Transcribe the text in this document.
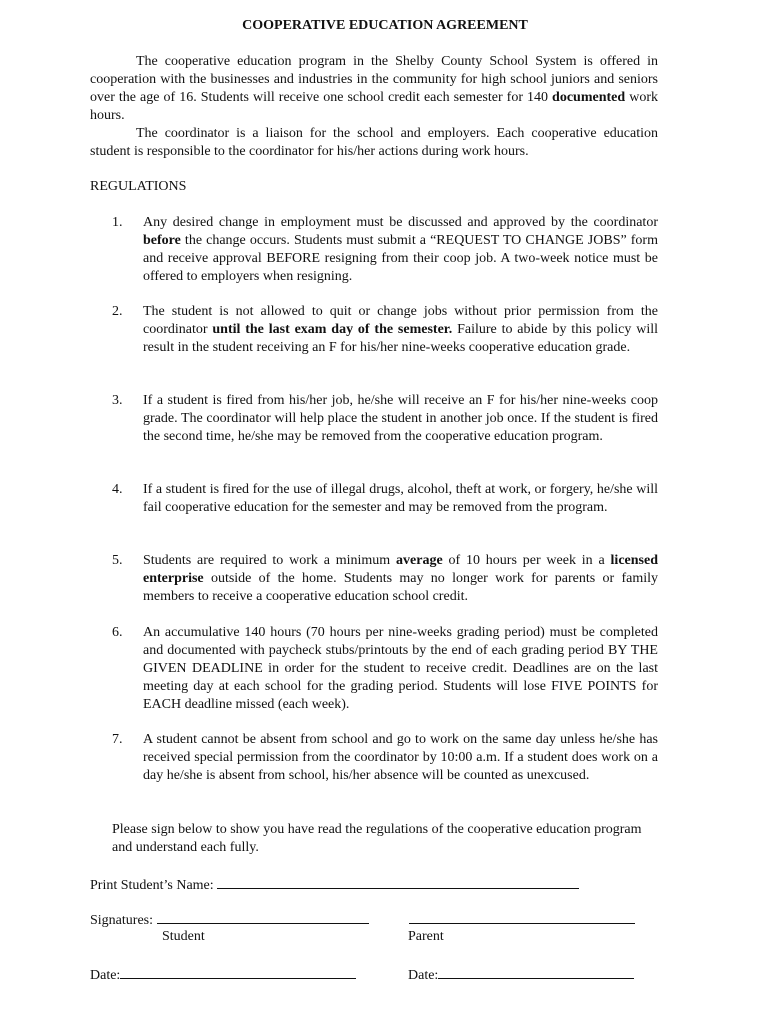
COOPERATIVE EDUCATION AGREEMENT

The cooperative education program in the Shelby County School System is offered in cooperation with the businesses and industries in the community for high school juniors and seniors over the age of 16. Students will receive one school credit each semester for 140 documented work hours.

The coordinator is a liaison for the school and employers. Each cooperative education student is responsible to the coordinator for his/her actions during work hours.

REGULATIONS
1.	Any desired change in employment must be discussed and approved by the coordinator before the change occurs. Students must submit a “REQUEST TO CHANGE JOBS” form and receive approval BEFORE resigning from their coop job. A two-week notice must be offered to employers when resigning.
2.	The student is not allowed to quit or change jobs without prior permission from the coordinator until the last exam day of the semester. Failure to abide by this policy will result in the student receiving an F for his/her nine-weeks cooperative education grade.
3.	If a student is fired from his/her job, he/she will receive an F for his/her nine-weeks coop grade. The coordinator will help place the student in another job once. If the student is fired the second time, he/she may be removed from the cooperative education program.
4.	If a student is fired for the use of illegal drugs, alcohol, theft at work, or forgery, he/she will fail cooperative education for the semester and may be removed from the program.
5.	Students are required to work a minimum average of 10 hours per week in a licensed enterprise outside of the home. Students may no longer work for parents or family members to receive a cooperative education school credit.
6.	An accumulative 140 hours (70 hours per nine-weeks grading period) must be completed and documented with paycheck stubs/printouts by the end of each grading period BY THE GIVEN DEADLINE in order for the student to receive credit. Deadlines are on the last meeting day at each school for the grading period. Students will lose FIVE POINTS for EACH deadline missed (each week).
7.	A student cannot be absent from school and go to work on the same day unless he/she has received special permission from the coordinator by 10:00 a.m. If a student does work on a day he/she is absent from school, his/her absence will be counted as unexcused.
Please sign below to show you have read the regulations of the cooperative education program and understand each fully.
Print Student’s Name:
Signatures:
Student	Parent
Date:	Date:
